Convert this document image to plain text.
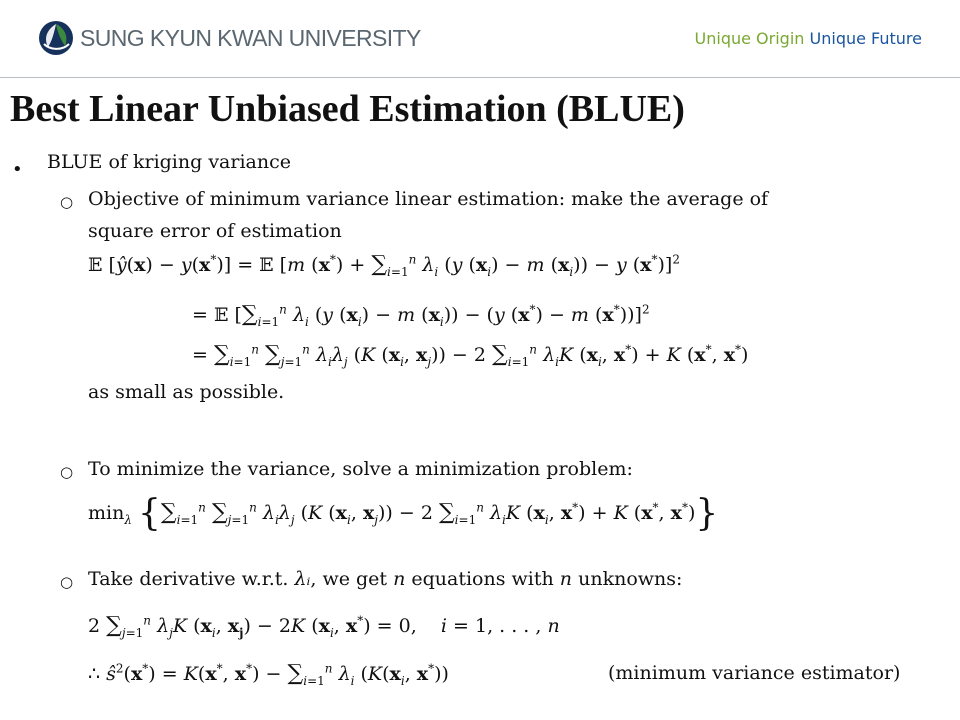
SUNG KYUN KWAN UNIVERSITY	Unique Origin Unique Future
Best Linear Unbiased Estimation (BLUE)
• BLUE of kriging variance
○ Objective of minimum variance linear estimation: make the average of
square error of estimation
𝔼 [ŷ(x) − y(x*)] = 𝔼 [m $(x^*) + \sum_{i=1}^n$ $\lambda_i$ (y $(x_i) - m$ $(x_i)) - y$ (x*)]$^2$
= 𝔼 [$\sum_{i=1}^n$ $\lambda_i$ (y $(x_i) - m$ $(x_i)) - (y$ (x*) − m (x*))]$^2$
= $\sum_{i=1}^n$ $\sum_{j=1}^n$ $\lambda_i\lambda_j$ (K ($x_i$, $x_j)) - 2$ $\sum_{i=1}^n$ $\lambda_iK$ ($x_i$, x*) + K (x*, x*)
as small as possible.
○ To minimize the variance, solve a minimization problem:
$\min_\lambda \{\sum_{i=1}^n$ $\sum_{j=1}^n$ $\lambda_i\lambda_j$ (K ($x_i$, $x_j)) - 2$ $\sum_{i=1}^n$ $\lambda_iK$ ($x_i$, x*) + K (x*, x*)}
○ Take derivative w.r.t. λᵢ, we get n equations with n unknowns:
2 $\sum_{j=1}^n$ $\lambda_jK$ ($x_i$, $x_j) - 2K$ ($x_i$, x*) = 0,    i = 1, . . . , n
∴ $ŝ^2(x^*) = K(x^*$, $x^*) - \sum_{i=1}^n$ $\lambda_i$ ($K(x_i$, x*))	(minimum variance estimator)
